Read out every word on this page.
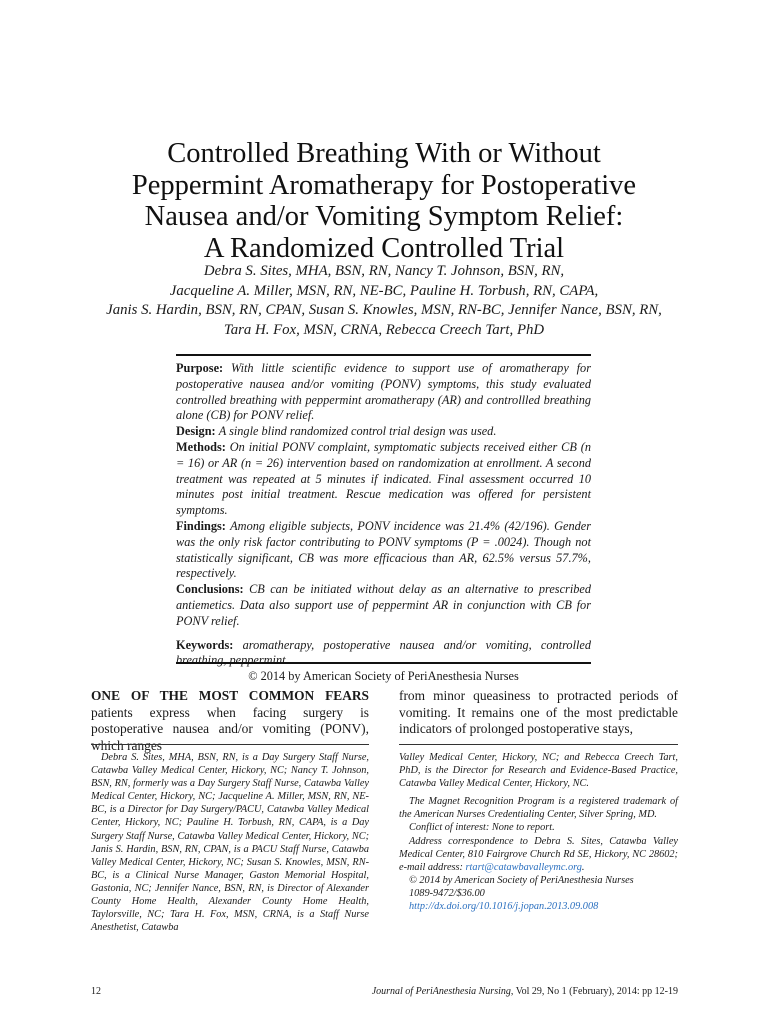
Controlled Breathing With or Without
Peppermint Aromatherapy for Postoperative
Nausea and/or Vomiting Symptom Relief:
A Randomized Controlled Trial
Debra S. Sites, MHA, BSN, RN, Nancy T. Johnson, BSN, RN,
Jacqueline A. Miller, MSN, RN, NE-BC, Pauline H. Torbush, RN, CAPA,
Janis S. Hardin, BSN, RN, CPAN, Susan S. Knowles, MSN, RN-BC, Jennifer Nance, BSN, RN,
Tara H. Fox, MSN, CRNA, Rebecca Creech Tart, PhD

Purpose: With little scientific evidence to support use of aromatherapy for postoperative nausea and/or vomiting (PONV) symptoms, this study evaluated controlled breathing with peppermint aromatherapy (AR) and controllled breathing alone (CB) for PONV relief.

Design: A single blind randomized control trial design was used.

Methods: On initial PONV complaint, symptomatic subjects received either CB (n = 16) or AR (n = 26) intervention based on randomization at enrollment. A second treatment was repeated at 5 minutes if indicated. Final assessment occurred 10 minutes post initial treatment. Rescue medication was offered for persistent symptoms.

Findings: Among eligible subjects, PONV incidence was 21.4% (42/196). Gender was the only risk factor contributing to PONV symptoms (P = .0024). Though not statistically significant, CB was more efficacious than AR, 62.5% versus 57.7%, respectively.

Conclusions: CB can be initiated without delay as an alternative to prescribed antiemetics. Data also support use of peppermint AR in conjunction with CB for PONV relief.

Keywords: aromatherapy, postoperative nausea and/or vomiting, controlled breathing, peppermint.

© 2014 by American Society of PeriAnesthesia Nurses

ONE OF THE MOST COMMON FEARS patients express when facing surgery is postoperative nausea and/or vomiting (PONV), which ranges
from minor queasiness to protracted periods of vomiting. It remains one of the most predictable indicators of prolonged postoperative stays,

Debra S. Sites, MHA, BSN, RN, is a Day Surgery Staff Nurse, Catawba Valley Medical Center, Hickory, NC; Nancy T. Johnson, BSN, RN, formerly was a Day Surgery Staff Nurse, Catawba Valley Medical Center, Hickory, NC; Jacqueline A. Miller, MSN, RN, NE-BC, is a Director for Day Surgery/PACU, Catawba Valley Medical Center, Hickory, NC; Pauline H. Torbush, RN, CAPA, is a Day Surgery Staff Nurse, Catawba Valley Medical Center, Hickory, NC; Janis S. Hardin, BSN, RN, CPAN, is a PACU Staff Nurse, Catawba Valley Medical Center, Hickory, NC; Susan S. Knowles, MSN, RN-BC, is a Clinical Nurse Manager, Gaston Memorial Hospital, Gastonia, NC; Jennifer Nance, BSN, RN, is Director of Alexander County Home Health, Alexander County Home Health, Taylorsville, NC; Tara H. Fox, MSN, CRNA, is a Staff Nurse Anesthetist, Catawba

Valley Medical Center, Hickory, NC; and Rebecca Creech Tart, PhD, is the Director for Research and Evidence-Based Practice, Catawba Valley Medical Center, Hickory, NC.

The Magnet Recognition Program is a registered trademark of the American Nurses Credentialing Center, Silver Spring, MD.

Conflict of interest: None to report.

Address correspondence to Debra S. Sites, Catawba Valley Medical Center, 810 Fairgrove Church Rd SE, Hickory, NC 28602; e-mail address: rtart@catawbavalleymc.org.

© 2014 by American Society of PeriAnesthesia Nurses

1089-9472/$36.00

http://dx.doi.org/10.1016/j.jopan.2013.09.008

12	Journal of PeriAnesthesia Nursing, Vol 29, No 1 (February), 2014: pp 12-19
